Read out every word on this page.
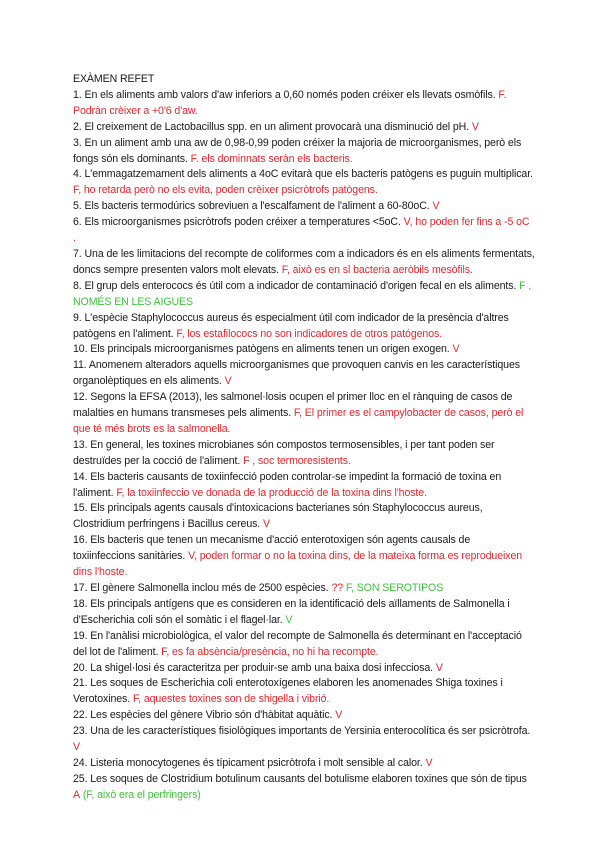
EXÀMEN REFET
1. En els aliments amb valors d'aw inferiors a 0,60 només poden créixer els llevats osmòfils. F. Podràn crèixer a +0'6 d'aw.
2. El creixement de Lactobacillus spp. en un aliment provocarà una disminució del pH. V
3. En un aliment amb una aw de 0,98-0,99 poden créixer la majoria de microorganismes, però els fongs són els dominants. F. els dominnats seràn els bacteris.
4. L'emmagatzemament dels aliments a 4oC evitarà que els bacteris patògens es puguin multiplicar. F, ho retarda però no els evita, poden crèixer psicròtrofs patògens.
5. Els bacteris termodúrics sobreviuen a l'escalfament de l'aliment a 60-80oC. V
6. Els microorganismes psicròtrofs poden créixer a temperatures <5oC. V, ho poden fer fins a -5 oC .
7. Una de les limitacions del recompte de coliformes com a indicadors és en els aliments fermentats, doncs sempre presenten valors molt elevats. F, això es en sl bacteria aeròbils mesòfils.
8. El grup dels enterococs és útil com a indicador de contaminació d'origen fecal en els aliments. F , NOMÉS EN LES AIGUES
9. L'espècie Staphylococcus aureus és especialment útil com indicador de la presència d'altres patògens en l'aliment. F, los estafilococs no son indicadores de otros patógenos.
10. Els principals microorganismes patògens en aliments tenen un origen exogen. V
11. Anomenem alteradors aquells microorganismes que provoquen canvis en les característiques organolèptiques en els aliments. V
12. Segons la EFSA (2013), les salmonel·losis ocupen el primer lloc en el rànquing de casos de malalties en humans transmeses pels aliments. F, El primer es el campylobacter de casos, però el que té més brots es la salmonella.
13. En general, les toxines microbianes són compostos termosensibles, i per tant poden ser destruïdes per la cocció de l'aliment. F , soc termoresistents.
14. Els bacteris causants de toxiinfecció poden controlar-se impedint la formació de toxina en l'aliment. F, la toxiinfeccio ve donada de la producció de la toxina dins l'hoste.
15. Els principals agents causals d'intoxicacions bacterianes són Staphylococcus aureus, Clostridium perfringens i Bacillus cereus. V
16. Els bacteris que tenen un mecanisme d'acció enterotoxigen són agents causals de toxiinfeccions sanitàries. V, poden formar o no la toxina dins, de la mateixa forma es reprodueixen dins l'hoste.
17. El gènere Salmonella inclou més de 2500 espècies. ?? F, SON SEROTIPOS
18. Els principals antígens que es consideren en la identificació dels aïllaments de Salmonella i d'Escherichia coli són el somàtic i el flagel·lar. V
19. En l'anàlisi microbiològica, el valor del recompte de Salmonella és determinant en l'acceptació del lot de l'aliment. F, es fa absència/presència, no hi ha recompte.
20. La shigel·losi és caracteritza per produir-se amb una baixa dosi infecciosa. V
21. Les soques de Escherichia coli enterotoxígenes elaboren les anomenades Shiga toxines i Verotoxines. F, aquestes toxines son de shigella i vibrió.
22. Les espècies del gènere Vibrio són d'hàbitat aquàtic. V
23. Una de les característiques fisiològiques importants de Yersinia enterocolítica és ser psicròtrofa. V
24. Listeria monocytogenes és típicament psicròtrofa i molt sensible al calor. V
25. Les soques de Clostridium botulinum causants del botulisme elaboren toxines que són de tipus A (F, això era el perfringers)
